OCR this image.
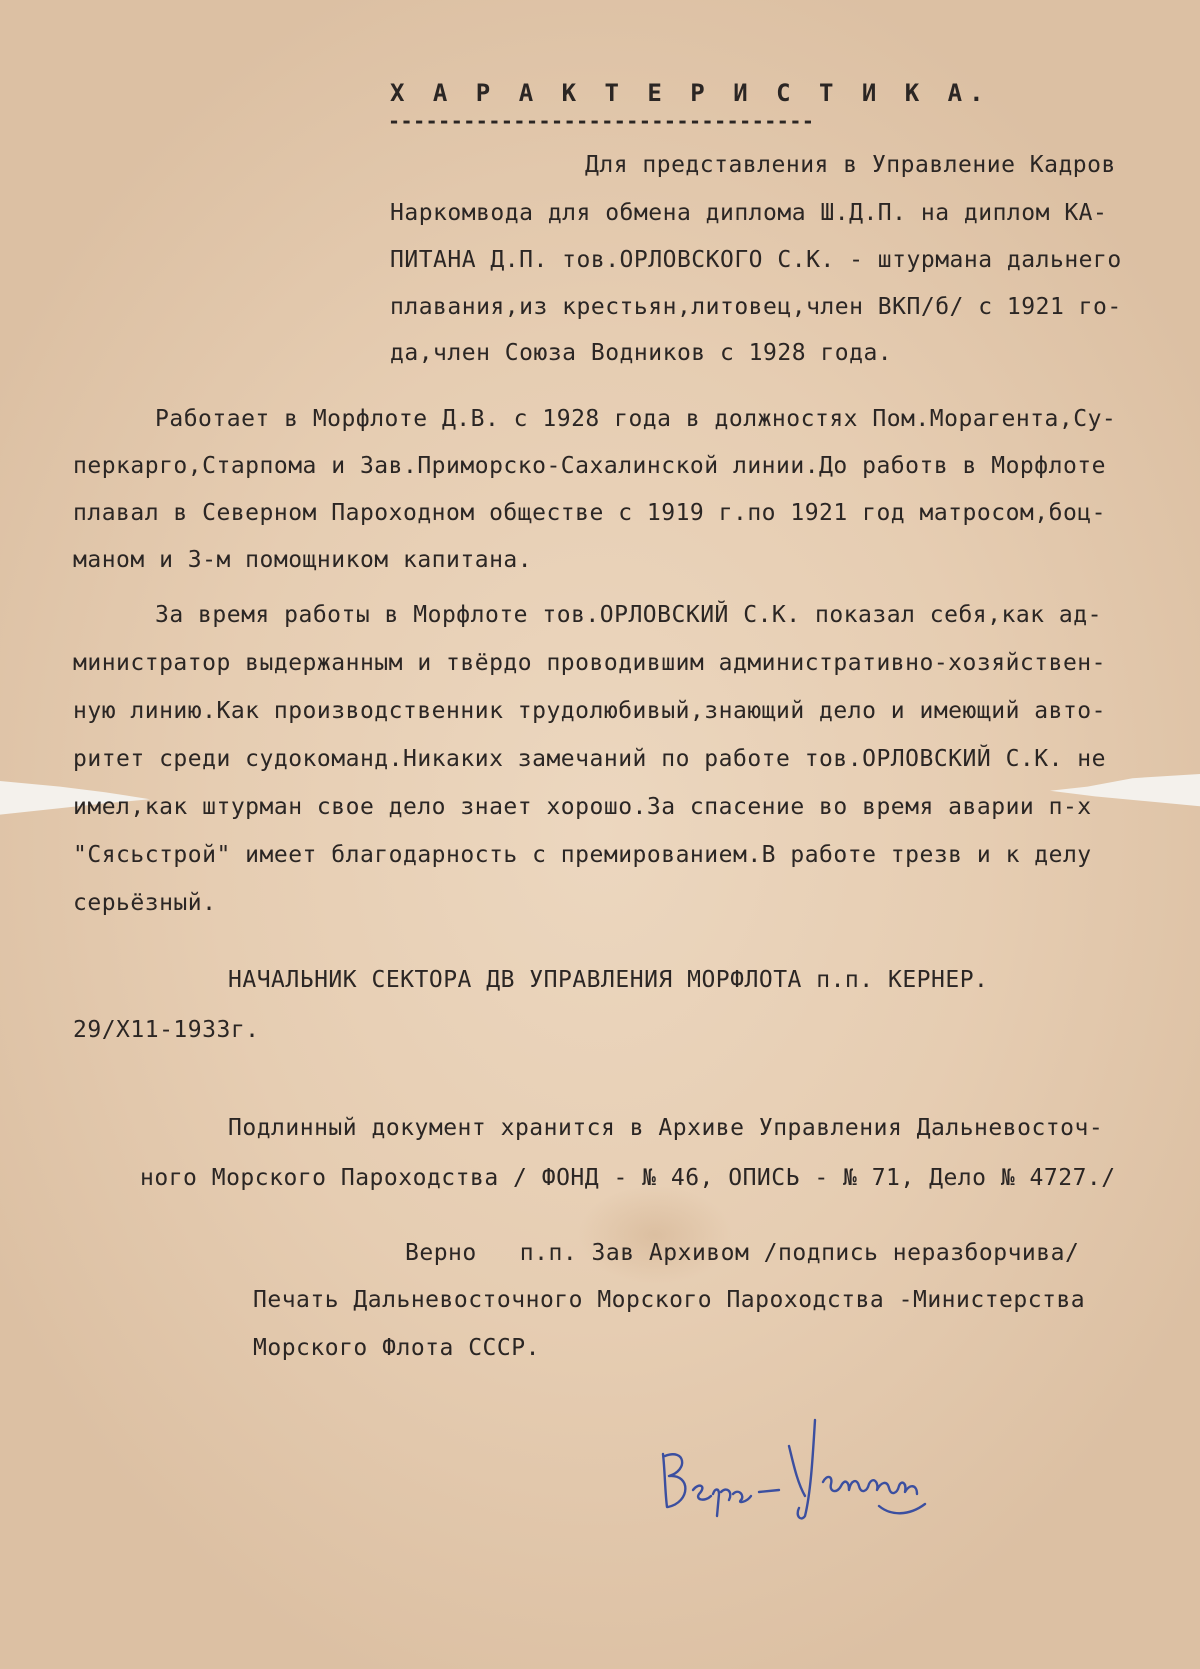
Х А Р А К Т Е Р И С Т И К А.

----------------------------------

Для представления в Управление Кадров

Наркомвода для обмена диплома Ш.Д.П. на диплом КА-

ПИТАНА Д.П. тов.ОРЛОВСКОГО С.К. - штурмана дальнего

плавания,из крестьян,литовец,член ВКП/б/ с 1921 го-

да,член Союза Водников с 1928 года.

Работает в Морфлоте Д.В. с 1928 года в должностях Пом.Морагента,Су-

перкарго,Старпома и Зав.Приморско-Сахалинской линии.До работв в Морфлоте

плавал в Северном Пароходном обществе с 1919 г.по 1921 год матросом,боц-

маном и 3-м помощником капитана.

За время работы в Морфлоте тов.ОРЛОВСКИЙ С.К. показал себя,как ад-

министратор выдержанным и твёрдо проводившим административно-хозяйствен-

ную линию.Как производственник трудолюбивый,знающий дело и имеющий авто-

ритет среди судокоманд.Никаких замечаний по работе тов.ОРЛОВСКИЙ С.К. не

имел,как штурман свое дело знает хорошо.За спасение во время аварии п-х

"Сясьстрой" имеет благодарность с премированием.В работе трезв и к делу

серьёзный.

НАЧАЛЬНИК СЕКТОРА ДВ УПРАВЛЕНИЯ МОРФЛОТА п.п. КЕРНЕР.

29/Х11-1933г.

Подлинный документ хранится в Архиве Управления Дальневосточ-

ного Морского Пароходства / ФОНД - № 46, ОПИСЬ - № 71, Дело № 4727./

Верно   п.п. Зав Архивом /подпись неразборчива/

Печать Дальневосточного Морского Пароходства -Министерства

Морского Флота СССР.
